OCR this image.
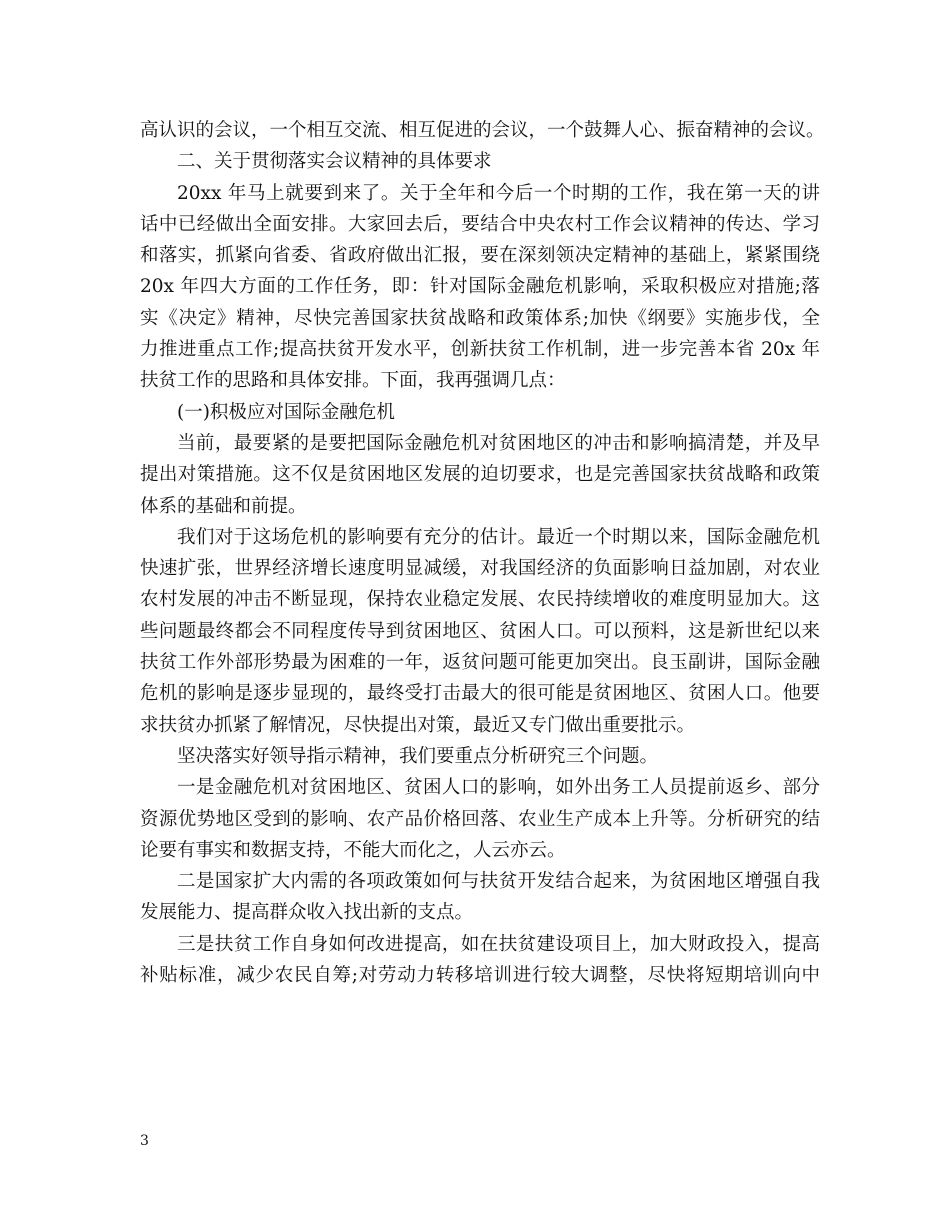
高认识的会议，一个相互交流、相互促进的会议，一个鼓舞人心、振奋精神的会议。
二、关于贯彻落实会议精神的具体要求
20xx 年马上就要到来了。关于全年和今后一个时期的工作，我在第一天的讲
话中已经做出全面安排。大家回去后，要结合中央农村工作会议精神的传达、学习
和落实，抓紧向省委、省政府做出汇报，要在深刻领决定精神的基础上，紧紧围绕
20x 年四大方面的工作任务，即：针对国际金融危机影响，采取积极应对措施;落
实《决定》精神，尽快完善国家扶贫战略和政策体系;加快《纲要》实施步伐，全
力推进重点工作;提高扶贫开发水平，创新扶贫工作机制，进一步完善本省 20x 年
扶贫工作的思路和具体安排。下面，我再强调几点：
(一)积极应对国际金融危机
当前，最要紧的是要把国际金融危机对贫困地区的冲击和影响搞清楚，并及早
提出对策措施。这不仅是贫困地区发展的迫切要求，也是完善国家扶贫战略和政策
体系的基础和前提。
我们对于这场危机的影响要有充分的估计。最近一个时期以来，国际金融危机
快速扩张，世界经济增长速度明显减缓，对我国经济的负面影响日益加剧，对农业
农村发展的冲击不断显现，保持农业稳定发展、农民持续增收的难度明显加大。这
些问题最终都会不同程度传导到贫困地区、贫困人口。可以预料，这是新世纪以来
扶贫工作外部形势最为困难的一年，返贫问题可能更加突出。良玉副讲，国际金融
危机的影响是逐步显现的，最终受打击最大的很可能是贫困地区、贫困人口。他要
求扶贫办抓紧了解情况，尽快提出对策，最近又专门做出重要批示。
坚决落实好领导指示精神，我们要重点分析研究三个问题。
一是金融危机对贫困地区、贫困人口的影响，如外出务工人员提前返乡、部分
资源优势地区受到的影响、农产品价格回落、农业生产成本上升等。分析研究的结
论要有事实和数据支持，不能大而化之，人云亦云。
二是国家扩大内需的各项政策如何与扶贫开发结合起来，为贫困地区增强自我
发展能力、提高群众收入找出新的支点。
三是扶贫工作自身如何改进提高，如在扶贫建设项目上，加大财政投入，提高
补贴标准，减少农民自筹;对劳动力转移培训进行较大调整，尽快将短期培训向中
3
